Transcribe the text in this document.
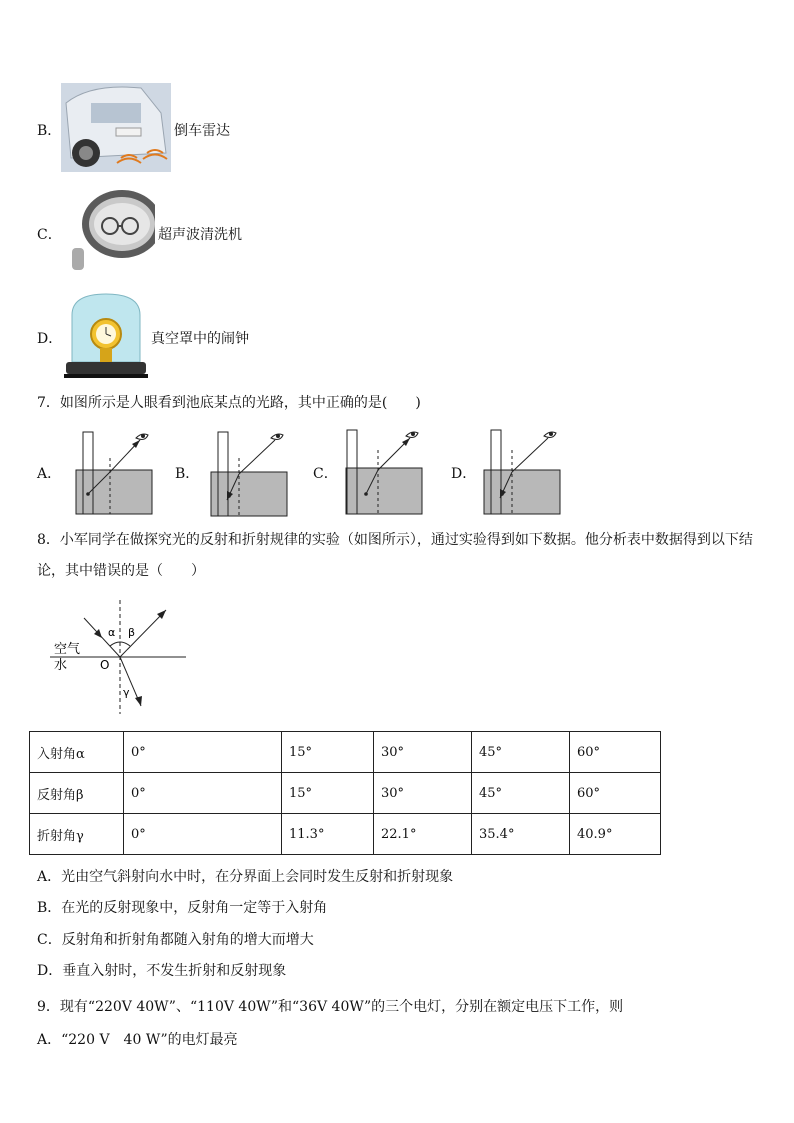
B．	倒车雷达
C．	超声波清洗机
D．	真空罩中的闹钟
7．如图所示是人眼看到池底某点的光路，其中正确的是(　　)
A．	B．	C．	D．
8．小军同学在做探究光的反射和折射规律的实验（如图所示），通过实验得到如下数据。他分析表中数据得到以下结
论，其中错误的是（　　）
α β
γ
空气
水	O
入射角α	0°	15°	30°	45°	60°
反射角β	0°	15°	30°	45°	60°
折射角γ	0°	11.3°	22.1°	35.4°	40.9°
A．光由空气斜射向水中时，在分界面上会同时发生反射和折射现象
B．在光的反射现象中，反射角一定等于入射角
C．反射角和折射角都随入射角的增大而增大
D．垂直入射时，不发生折射和反射现象
9．现有“220V 40W”、“110V 40W”和“36V 40W”的三个电灯，分别在额定电压下工作，则
A．“220 V　40 W”的电灯最亮
